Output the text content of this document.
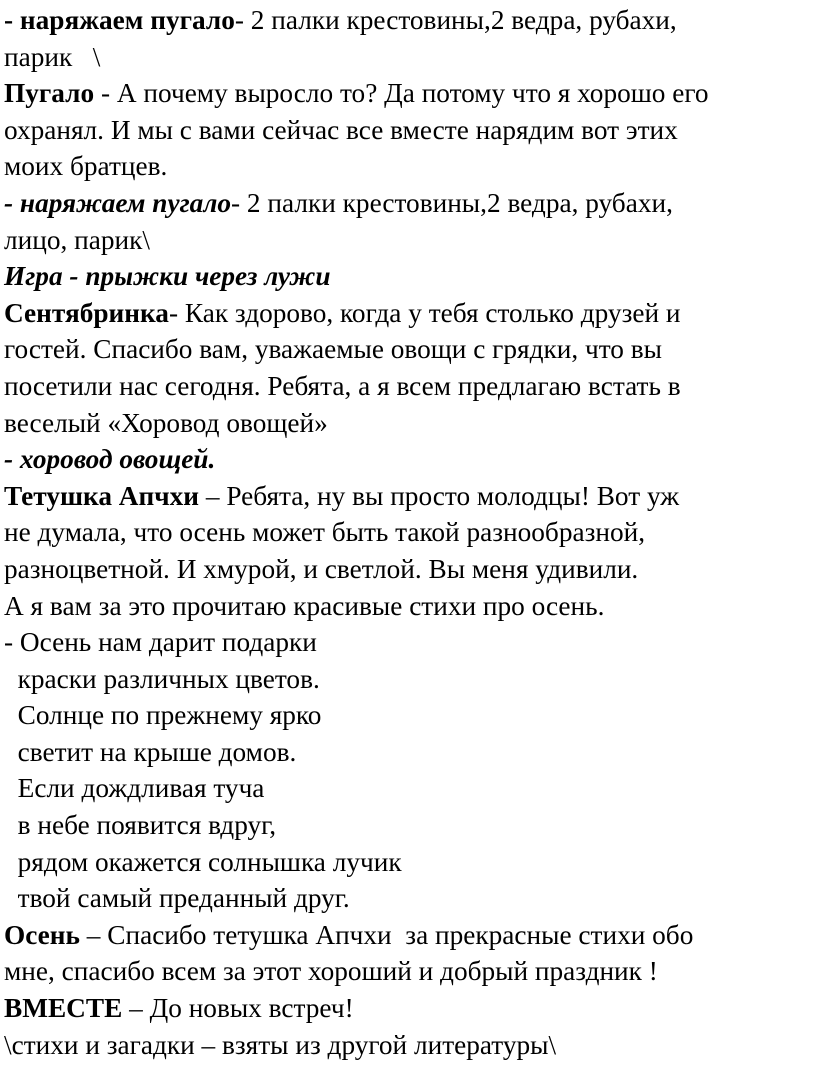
- наряжаем пугало- 2 палки крестовины,2 ведра, рубахи,
парик   \
Пугало - А почему выросло то? Да потому что я хорошо его
охранял. И мы с вами сейчас все вместе нарядим вот этих
моих братцев.
- наряжаем пугало- 2 палки крестовины,2 ведра, рубахи,
лицо, парик\
Игра - прыжки через лужи
Сентябринка- Как здорово, когда у тебя столько друзей и
гостей. Спасибо вам, уважаемые овощи с грядки, что вы
посетили нас сегодня. Ребята, а я всем предлагаю встать в
веселый «Хоровод овощей»
- хоровод овощей.
Тетушка Апчхи – Ребята, ну вы просто молодцы! Вот уж
не думала, что осень может быть такой разнообразной,
разноцветной. И хмурой, и светлой. Вы меня удивили.
А я вам за это прочитаю красивые стихи про осень.
- Осень нам дарит подарки
краски различных цветов.
Солнце по прежнему ярко
светит на крыше домов.
Если дождливая туча
в небе появится вдруг,
рядом окажется солнышка лучик
твой самый преданный друг.
Осень – Спасибо тетушка Апчхи  за прекрасные стихи обо
мне, спасибо всем за этот хороший и добрый праздник !
ВМЕСТЕ – До новых встреч!
\стихи и загадки – взяты из другой литературы\
